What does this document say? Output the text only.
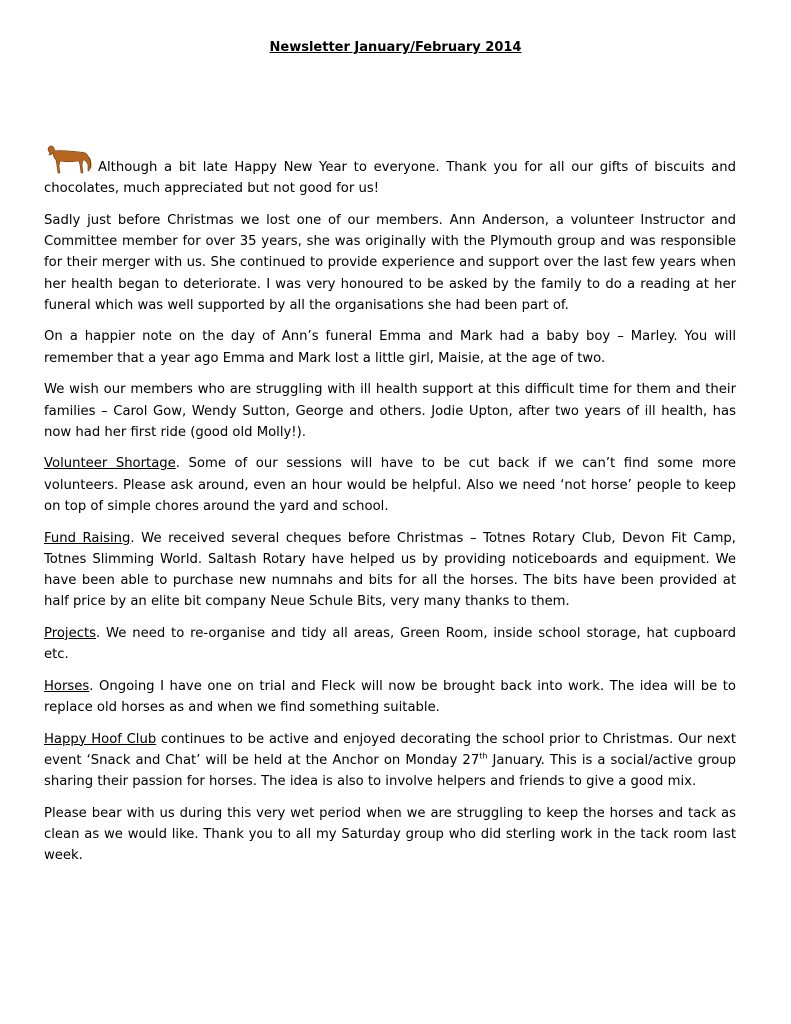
Newsletter January/February 2014

Although a bit late Happy New Year to everyone. Thank you for all our gifts of biscuits and chocolates, much appreciated but not good for us!

Sadly just before Christmas we lost one of our members. Ann Anderson, a volunteer Instructor and Committee member for over 35 years, she was originally with the Plymouth group and was responsible for their merger with us. She continued to provide experience and support over the last few years when her health began to deteriorate. I was very honoured to be asked by the family to do a reading at her funeral which was well supported by all the organisations she had been part of.

On a happier note on the day of Ann’s funeral Emma and Mark had a baby boy – Marley. You will remember that a year ago Emma and Mark lost a little girl, Maisie, at the age of two.

We wish our members who are struggling with ill health support at this difficult time for them and their families – Carol Gow, Wendy Sutton, George and others. Jodie Upton, after two years of ill health, has now had her first ride (good old Molly!).

Volunteer Shortage. Some of our sessions will have to be cut back if we can’t find some more volunteers. Please ask around, even an hour would be helpful. Also we need ‘not horse’ people to keep on top of simple chores around the yard and school.

Fund Raising. We received several cheques before Christmas – Totnes Rotary Club, Devon Fit Camp, Totnes Slimming World. Saltash Rotary have helped us by providing noticeboards and equipment. We have been able to purchase new numnahs and bits for all the horses. The bits have been provided at half price by an elite bit company Neue Schule Bits, very many thanks to them.

Projects. We need to re-organise and tidy all areas, Green Room, inside school storage, hat cupboard etc.

Horses. Ongoing I have one on trial and Fleck will now be brought back into work. The idea will be to replace old horses as and when we find something suitable.

Happy Hoof Club continues to be active and enjoyed decorating the school prior to Christmas. Our next event ‘Snack and Chat’ will be held at the Anchor on Monday 27th January. This is a social/active group sharing their passion for horses. The idea is also to involve helpers and friends to give a good mix.

Please bear with us during this very wet period when we are struggling to keep the horses and tack as clean as we would like. Thank you to all my Saturday group who did sterling work in the tack room last week.
